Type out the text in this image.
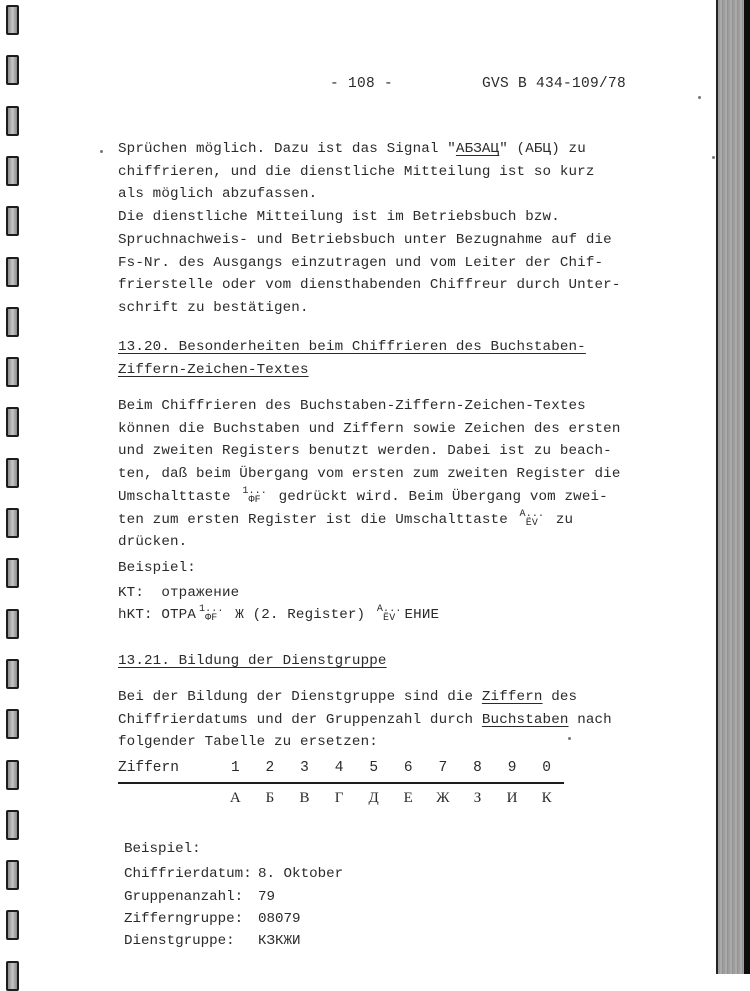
- 108 -	GVS B 434-109/78
Sprüchen möglich. Dazu ist das Signal "АБЗАЦ" (АБЦ) zu
chiffrieren, und die dienstliche Mitteilung ist so kurz
als möglich abzufassen.
Die dienstliche Mitteilung ist im Betriebsbuch bzw.
Spruchnachweis- und Betriebsbuch unter Bezugnahme auf die
Fs-Nr. des Ausgangs einzutragen und vom Leiter der Chif-
frierstelle oder vom diensthabenden Chiffreur durch Unter-
schrift zu bestätigen.
13.20. Besonderheiten beim Chiffrieren des Buchstaben-
Ziffern-Zeichen-Textes
Beim Chiffrieren des Buchstaben-Ziffern-Zeichen-Textes
können die Buchstaben und Ziffern sowie Zeichen des ersten
und zweiten Registers benutzt werden. Dabei ist zu beach-
ten, daß beim Übergang vom ersten zum zweiten Register die
Umschalttaste 1...
ФF	gedrückt wird. Beim Übergang vom zwei-
ten zum ersten Register ist die Umschalttaste A...
ЁV	zu
drücken.
Beispiel:
KT: отражение
hKT: OTPA 1...
ФF	Ж (2. Register) A...
ЁV ЕНИЕ
13.21. Bildung der Dienstgruppe
Bei der Bildung der Dienstgruppe sind die Ziffern des
Chiffrierdatums und der Gruppenzahl durch Buchstaben nach
folgender Tabelle zu ersetzen:
Ziffern	1	2	3	4	5	6	7	8	9	0
	А	Б	В	Г	Д	Е	Ж	З	И	К
Beispiel:
Chiffrierdatum: 8. Oktober
Gruppenanzahl:	79
Zifferngruppe:	08079
Dienstgruppe:	КЗКЖИ
